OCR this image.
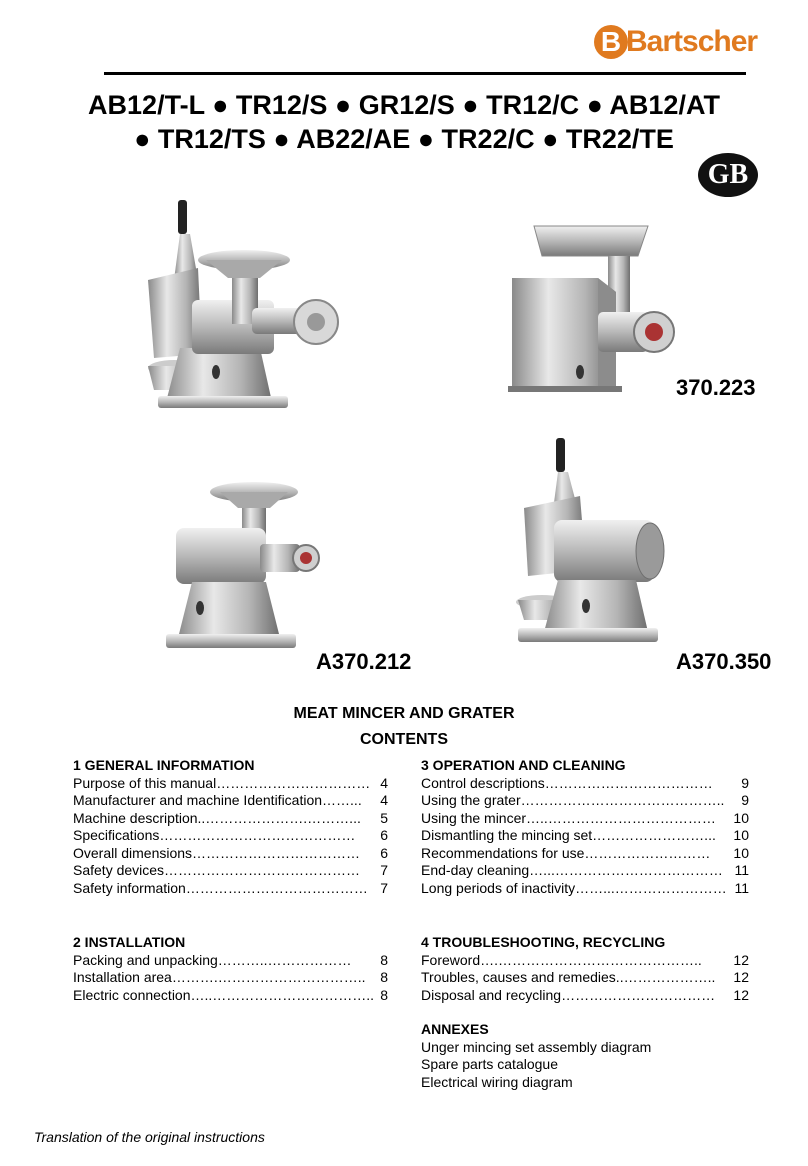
B Bartscher
AB12/T-L ● TR12/S ● GR12/S ● TR12/C ● AB12/AT
● TR12/TS ● AB22/AE ● TR22/C ● TR22/TE
GB
370.223
A370.212	A370.350
MEAT MINCER AND GRATER
CONTENTS
1 GENERAL INFORMATION
Purpose of this manual…………………………… 4
Manufacturer and machine Identification……... 4
Machine description..………………….………... 5
Specifications…………………………………… 6
Overall dimensions……………………………… 6
Safety devices…………………………………… 7
Safety information………………………………… 7
2 INSTALLATION
Packing and unpacking………..……………… 8
Installation area……….………………………….. 8
Electric connection…..…………………………….. 8
3 OPERATION AND CLEANING
Control descriptions……………………………… 9
Using the grater…………………………………….. 9
Using the mincer…..……………………………… 10
Dismantling the mincing set……………………... 10
Recommendations for use……………………… 10
End-day cleaning…...……………………………… 11
Long periods of inactivity……...…………………… 11
4 TROUBLESHOOTING, RECYCLING
Foreword….…………………………………….. 12
Troubles, causes and remedies..……………….. 12
Disposal and recycling…………………………… 12
ANNEXES
Unger mincing set assembly diagram
Spare parts catalogue
Electrical wiring diagram
Translation of the original instructions
